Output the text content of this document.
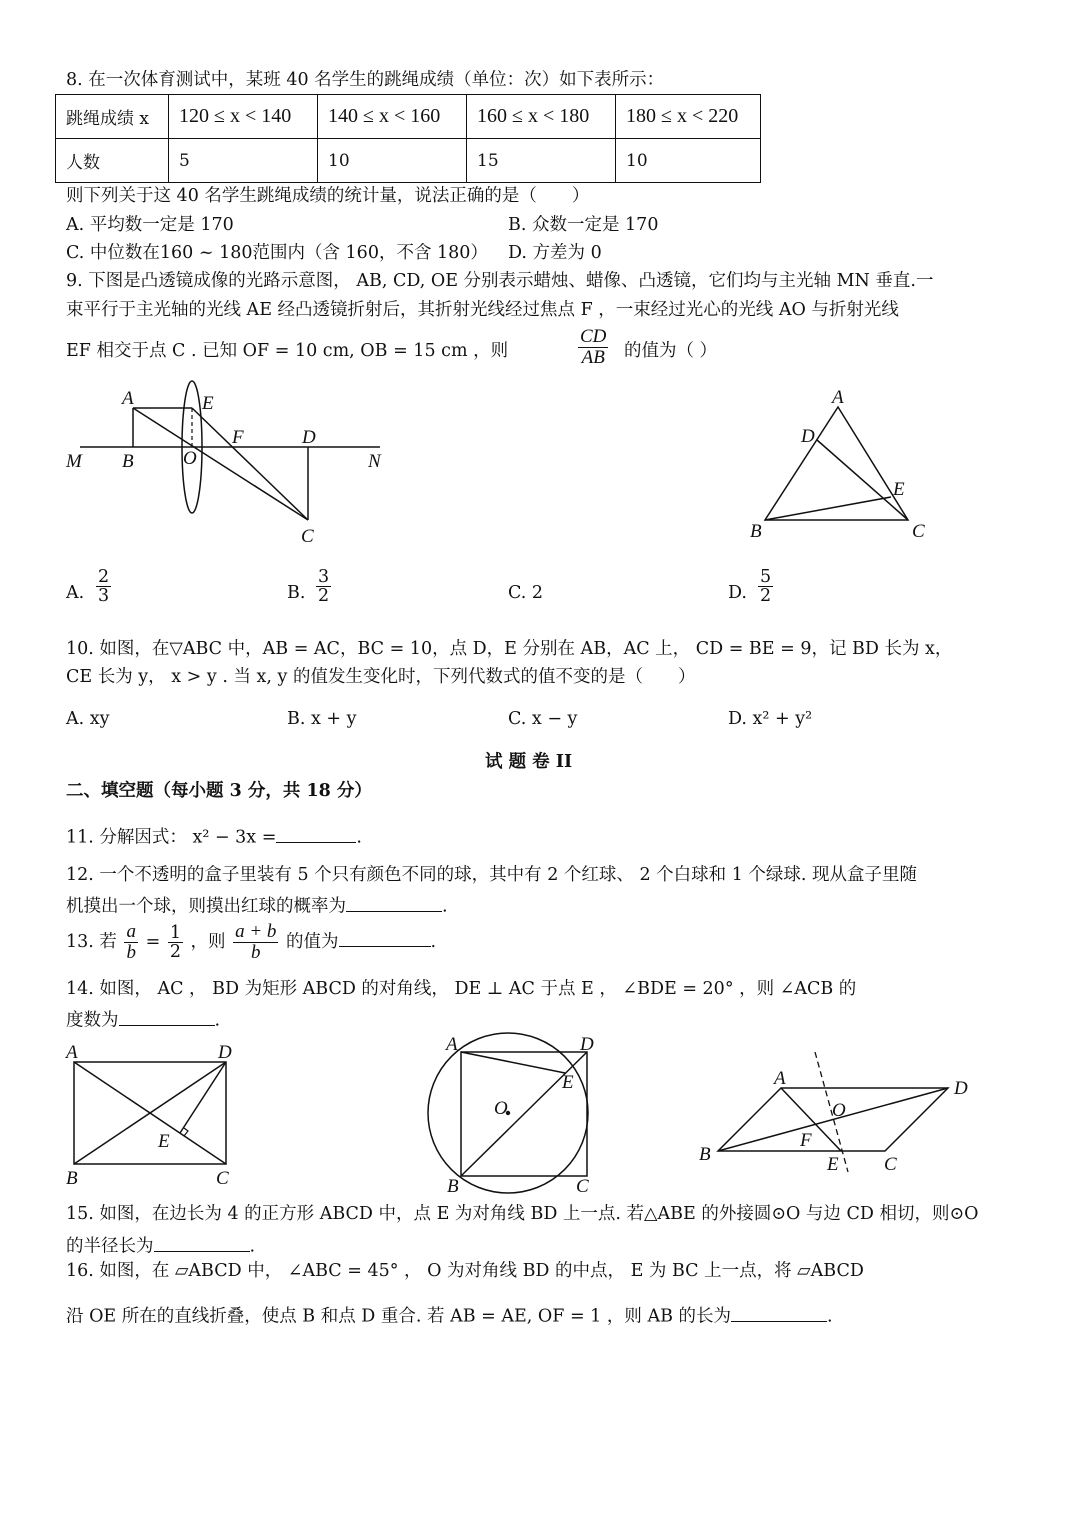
8. 在一次体育测试中，某班 40 名学生的跳绳成绩（单位：次）如下表所示：
跳绳成绩 x	120 ≤ x < 140	140 ≤ x < 160	160 ≤ x < 180	180 ≤ x < 220
人数	5	10	15	10
则下列关于这 40 名学生跳绳成绩的统计量，说法正确的是（　　）
A. 平均数一定是 170	B. 众数一定是 170
C. 中位数在160 ~ 180范围内（含 160，不含 180） D. 方差为 0
9. 下图是凸透镜成像的光路示意图， AB, CD, OE 分别表示蜡烛、蜡像、凸透镜，它们均与主光轴 MN 垂直.一
束平行于主光轴的光线 AE 经凸透镜折射后，其折射光线经过焦点 F ，一束经过光心的光线 AO 与折射光线
EF 相交于点 C . 已知 OF = 10 cm, OB = 15 cm ，则	$\frac{CD}{AB}$ 的值为（ ）
A	E
F	D
M B	O	N
C
A
D
E
B	C
A	D
E
B	C
A	D
E
O
B	C
A	D
O
F
B	E C
A. $\frac{2}{3}$	B. $\frac{3}{2}$	C. 2	D. $\frac{5}{2}$
10. 如图，在▽ABC 中，AB = AC，BC = 10，点 D，E 分别在 AB，AC 上， CD = BE = 9，记 BD 长为 x，
CE 长为 y， x > y . 当 x, y 的值发生变化时，下列代数式的值不变的是（　　）
A. xy	B. x + y	C. x − y	D. x² + y²
试 题 卷 II
二、填空题（每小题 3 分，共 18 分）
11. 分解因式： x² − 3x =	.
12. 一个不透明的盒子里装有 5 个只有颜色不同的球，其中有 2 个红球、 2 个白球和 1 个绿球. 现从盒子里随
机摸出一个球，则摸出红球的概率为	.
13. 若 $\frac{a}{b} = \frac{1}{2}$ ，则 $\frac{a + b}{b}$ 的值为	.
14. 如图， AC ， BD 为矩形 ABCD 的对角线， DE ⊥ AC 于点 E ， ∠BDE = 20° ，则 ∠ACB 的
度数为	.
15. 如图，在边长为 4 的正方形 ABCD 中，点 E 为对角线 BD 上一点. 若△ABE 的外接圆⊙O 与边 CD 相切，则⊙O
的半径长为	.
16. 如图，在 ▱ABCD 中， ∠ABC = 45° ， O 为对角线 BD 的中点， E 为 BC 上一点，将 ▱ABCD
沿 OE 所在的直线折叠，使点 B 和点 D 重合. 若 AB = AE, OF = 1 ，则 AB 的长为	.
